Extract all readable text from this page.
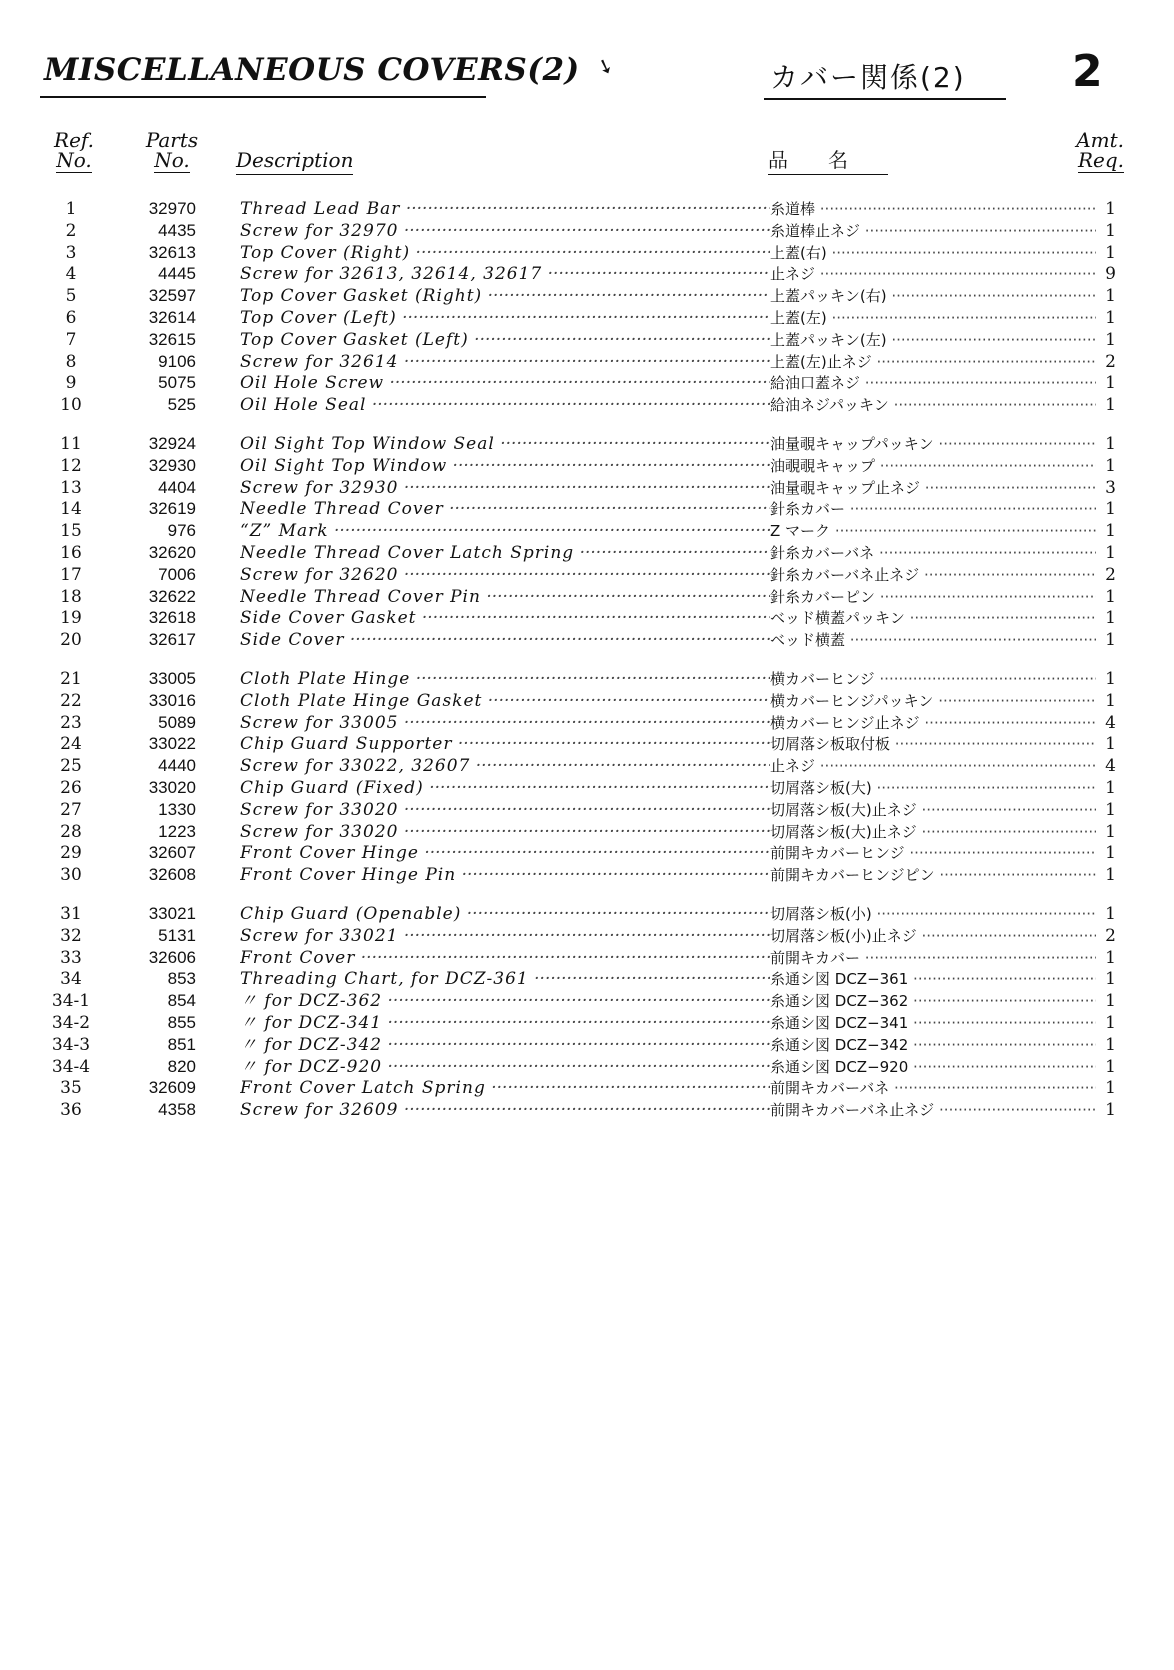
MISCELLANEOUS COVERS(2) ➘	カバー関係(2) 2
Ref.
No.
Parts
No.	Description	品名
Amt.
Req.
1	32970	Thread Lead Bar ·····	糸道棒 ·····	1
2	4435	Screw for 32970 ·····	糸道棒止ネジ ·····	1
3	32613	Top Cover (Right) ·····	上蓋(右) ·····	1
4	4445	Screw for 32613, 32614, 32617 ·····	止ネジ ·····	9
5	32597	Top Cover Gasket (Right) ·····	上蓋パッキン(右) ·····	1
6	32614	Top Cover (Left) ·····	上蓋(左) ·····	1
7	32615	Top Cover Gasket (Left) ·····	上蓋パッキン(左) ·····	1
8	9106	Screw for 32614 ·····	上蓋(左)止ネジ ·····	2
9	5075	Oil Hole Screw ·····	給油口蓋ネジ ·····	1
10	525	Oil Hole Seal ·····	給油ネジパッキン ·····	1
11	32924	Oil Sight Top Window Seal ·····	油量覗キャップパッキン ·····	1
12	32930	Oil Sight Top Window ·····	油覗覗キャップ ·····	1
13	4404	Screw for 32930 ·····	油量覗キャップ止ネジ ·····	3
14	32619	Needle Thread Cover ·····	針糸カバー ·····	1
15	976	“Z” Mark ·····	Z マーク ·····	1
16	32620	Needle Thread Cover Latch Spring ·····	針糸カバーバネ ·····	1
17	7006	Screw for 32620 ·····	針糸カバーバネ止ネジ ·····	2
18	32622	Needle Thread Cover Pin ·····	針糸カバーピン ·····	1
19	32618	Side Cover Gasket ·····	ベッド横蓋パッキン ·····	1
20	32617	Side Cover ·····	ベッド横蓋 ·····	1
21	33005	Cloth Plate Hinge ·····	横カバーヒンジ ·····	1
22	33016	Cloth Plate Hinge Gasket ·····	横カバーヒンジパッキン ·····	1
23	5089	Screw for 33005 ·····	横カバーヒンジ止ネジ ·····	4
24	33022	Chip Guard Supporter ·····	切屑落シ板取付板 ·····	1
25	4440	Screw for 33022, 32607 ·····	止ネジ ·····	4
26	33020	Chip Guard (Fixed) ·····	切屑落シ板(大) ·····	1
27	1330	Screw for 33020 ·····	切屑落シ板(大)止ネジ ·····	1
28	1223	Screw for 33020 ·····	切屑落シ板(大)止ネジ ·····	1
29	32607	Front Cover Hinge ·····	前開キカバーヒンジ ·····	1
30	32608	Front Cover Hinge Pin ·····	前開キカバーヒンジピン ·····	1
31	33021	Chip Guard (Openable) ·····	切屑落シ板(小) ·····	1
32	5131	Screw for 33021 ·····	切屑落シ板(小)止ネジ ·····	2
33	32606	Front Cover ·····	前開キカバー ·····	1
34	853	Threading Chart, for DCZ-361 ·····	糸通シ図 DCZ−361 ·····	1
34-1	854	〃 for DCZ-362 ·····	糸通シ図 DCZ−362 ·····	1
34-2	855	〃 for DCZ-341 ·····	糸通シ図 DCZ−341 ·····	1
34-3	851	〃 for DCZ-342 ·····	糸通シ図 DCZ−342 ·····	1
34-4	820	〃 for DCZ-920 ·····	糸通シ図 DCZ−920 ·····	1
35	32609	Front Cover Latch Spring ·····	前開キカバーバネ ·····	1
36	4358	Screw for 32609 ·····	前開キカバーバネ止ネジ ·····	1
